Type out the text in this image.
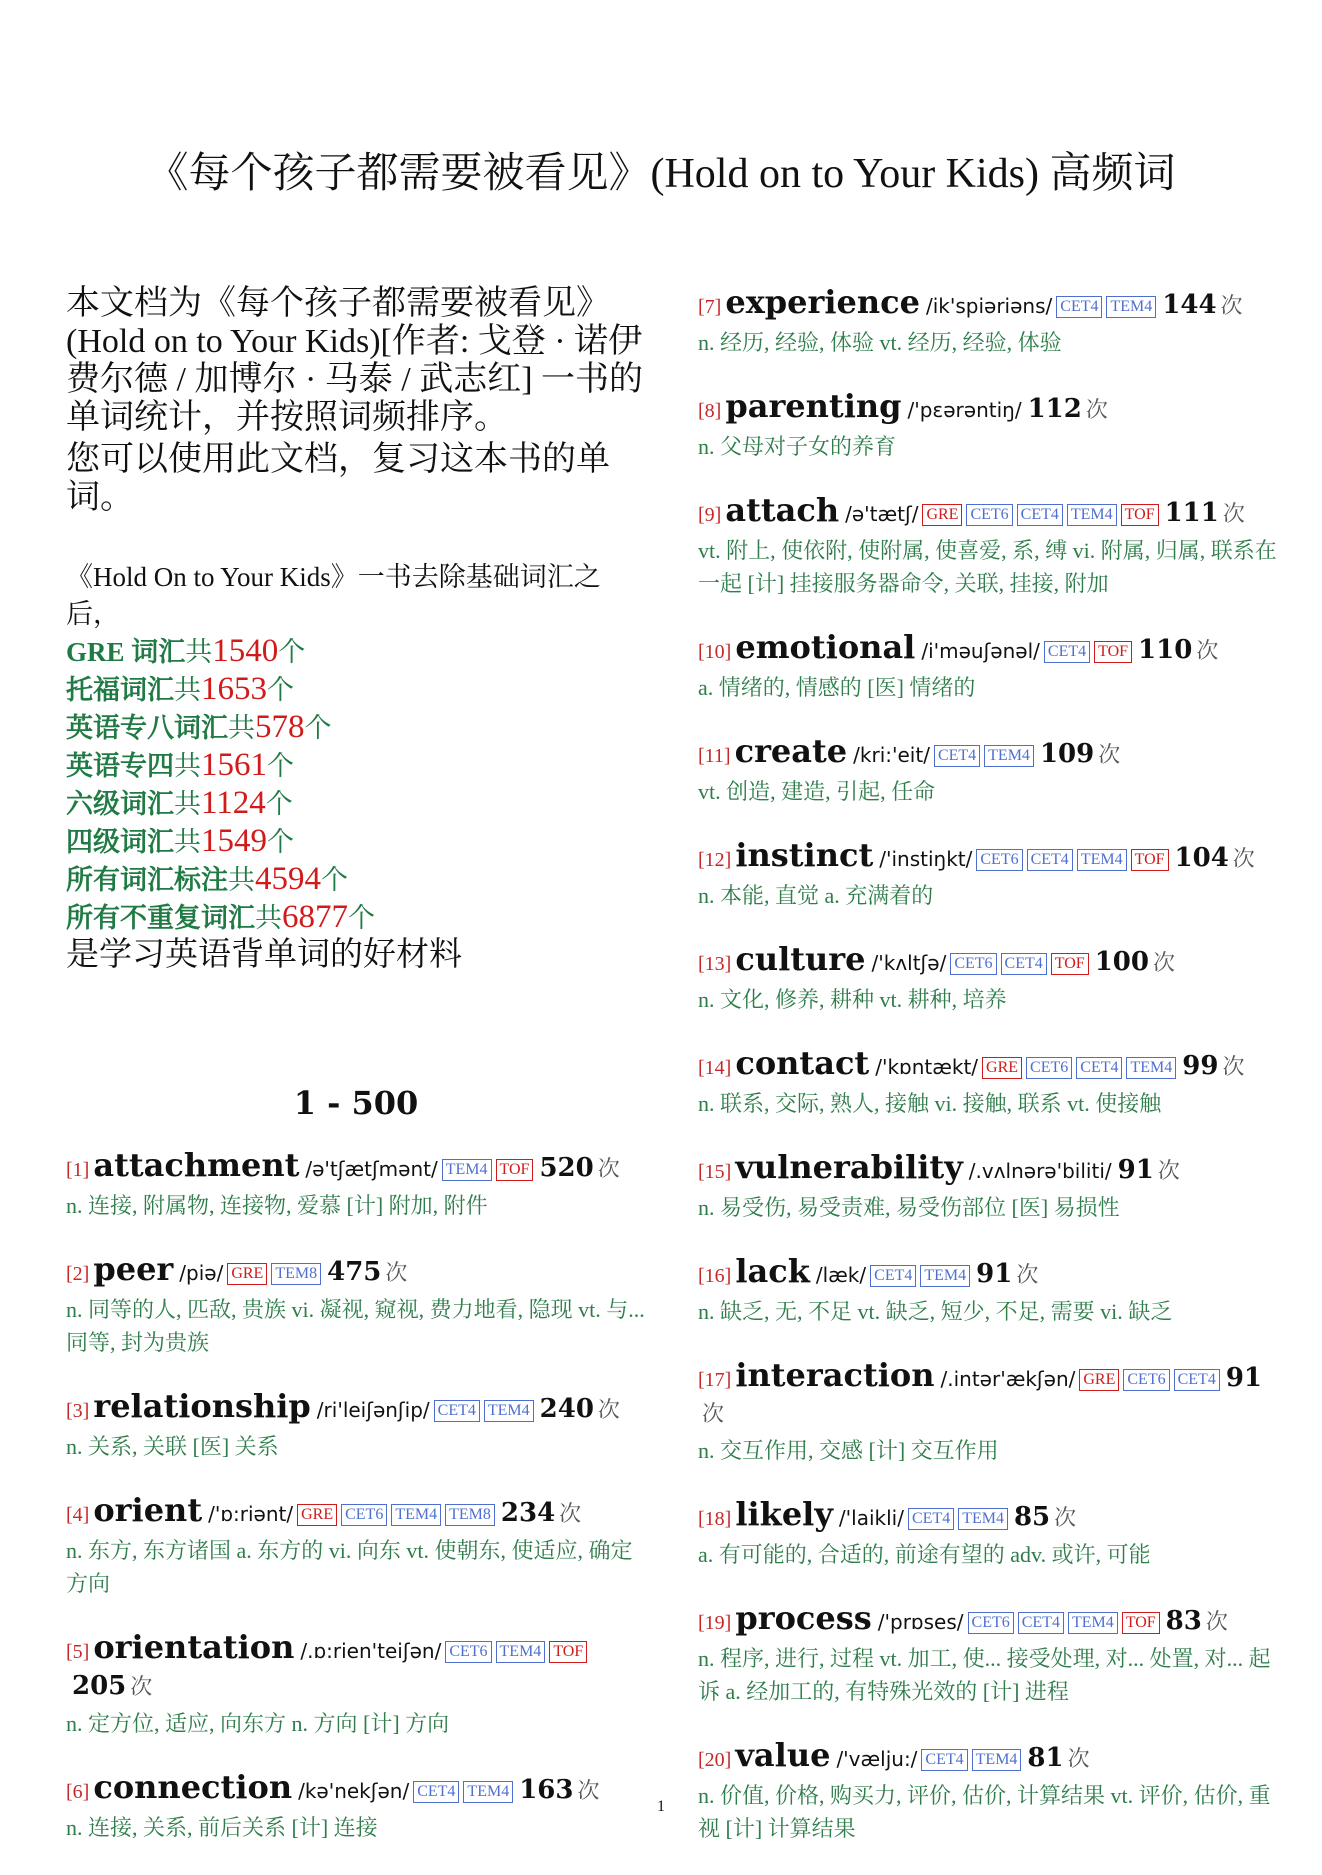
《每个孩子都需要被看见》(Hold on to Your Kids) 高频词

本文档为《每个孩子都需要被看见》(Hold on to Your Kids)[作者: 戈登 · 诺伊费尔德 / 加博尔 · 马泰 / 武志红] 一书的单词统计，并按照词频排序。

您可以使用此文档，复习这本书的单词。

《Hold On to Your Kids》一书去除基础词汇之后，
GRE 词汇共1540个
托福词汇共1653个
英语专八词汇共578个
英语专四共1561个
六级词汇共1124个
四级词汇共1549个
所有词汇标注共4594个
所有不重复词汇共6877个
是学习英语背单词的好材料
1 - 500
[1] attachment /ə'tʃætʃmənt/ TEM4 TOF 520 次
n. 连接, 附属物, 连接物, 爱慕 [计] 附加, 附件
[2] peer /piə/ GRE TEM8 475 次
n. 同等的人, 匹敌, 贵族 vi. 凝视, 窥视, 费力地看, 隐现 vt. 与... 同等, 封为贵族
[3] relationship /ri'leiʃənʃip/ CET4 TEM4 240 次
n. 关系, 关联 [医] 关系
[4] orient /'ɒ:riənt/ GRE CET6 TEM4 TEM8 234 次
n. 东方, 东方诸国 a. 东方的 vi. 向东 vt. 使朝东, 使适应, 确定方向
[5] orientation /.ɒ:rien'teiʃən/ CET6 TEM4 TOF205 次
n. 定方位, 适应, 向东方 n. 方向 [计] 方向
[6] connection /kə'nekʃən/ CET4 TEM4 163 次
n. 连接, 关系, 前后关系 [计] 连接
[7] experience /ik'spiəriəns/ CET4 TEM4 144 次
n. 经历, 经验, 体验 vt. 经历, 经验, 体验
[8] parenting /'pɛərəntiŋ/ 112 次
n. 父母对子女的养育
[9] attach /ə'tætʃ/ GRE CET6 CET4 TEM4 TOF 111 次
vt. 附上, 使依附, 使附属, 使喜爱, 系, 缚 vi. 附属, 归属, 联系在一起 [计] 挂接服务器命令, 关联, 挂接, 附加
[10] emotional /i'məuʃənəl/ CET4 TOF 110 次
a. 情绪的, 情感的 [医] 情绪的
[11] create /kri:'eit/ CET4 TEM4 109 次
vt. 创造, 建造, 引起, 任命
[12] instinct /'instiŋkt/ CET6 CET4 TEM4 TOF 104 次
n. 本能, 直觉 a. 充满着的
[13] culture /'kʌltʃə/ CET6 CET4 TOF 100 次
n. 文化, 修养, 耕种 vt. 耕种, 培养
[14] contact /'kɒntækt/ GRE CET6 CET4 TEM4 99 次
n. 联系, 交际, 熟人, 接触 vi. 接触, 联系 vt. 使接触
[15] vulnerability /.vʌlnərə'biliti/ 91 次
n. 易受伤, 易受责难, 易受伤部位 [医] 易损性
[16] lack /læk/ CET4 TEM4 91 次
n. 缺乏, 无, 不足 vt. 缺乏, 短少, 不足, 需要 vi. 缺乏
[17] interaction /.intər'ækʃən/ GRE CET6 CET4 91次
n. 交互作用, 交感 [计] 交互作用
[18] likely /'laikli/ CET4 TEM4 85 次
a. 有可能的, 合适的, 前途有望的 adv. 或许, 可能
[19] process /'prɒses/ CET6 CET4 TEM4 TOF 83 次
n. 程序, 进行, 过程 vt. 加工, 使... 接受处理, 对... 处置, 对... 起诉 a. 经加工的, 有特殊光效的 [计] 进程
[20] value /'vælju:/ CET4 TEM4 81 次
n. 价值, 价格, 购买力, 评价, 估价, 计算结果 vt. 评价, 估价, 重视 [计] 计算结果
1
